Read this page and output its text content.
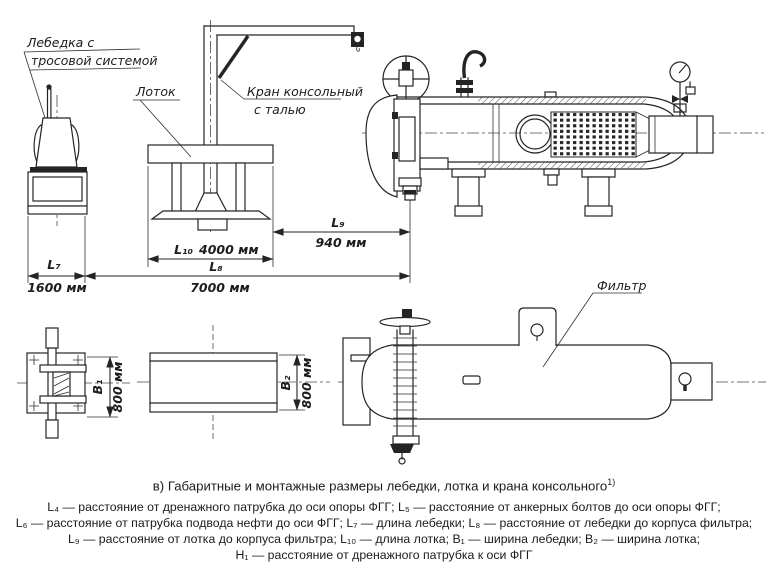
Лебедка с
тросовой системой
Кран консольный
с талью
Лоток
L₉
940 мм
L₁₀ 4000 мм
L₇
1600 мм
L₈
7000 мм
B₁ 800 мм	B₂ 800 мм
Фильтр
в) Габаритные и монтажные размеры лебедки, лотка и крана консольного$^{1)}$
L₄ — расстояние от дренажного патрубка до оси опоры ФГГ; L₅ — расстояние от анкерных болтов до оси опоры ФГГ;
L₆ — расстояние от патрубка подвода нефти до оси ФГГ; L₇ — длина лебедки; L₈ — расстояние от лебедки до корпуса фильтра;
L₉ — расстояние от лотка до корпуса фильтра; L₁₀ — длина лотка; B₁ — ширина лебедки; B₂ — ширина лотка;
H₁ — расстояние от дренажного патрубка к оси ФГГ
